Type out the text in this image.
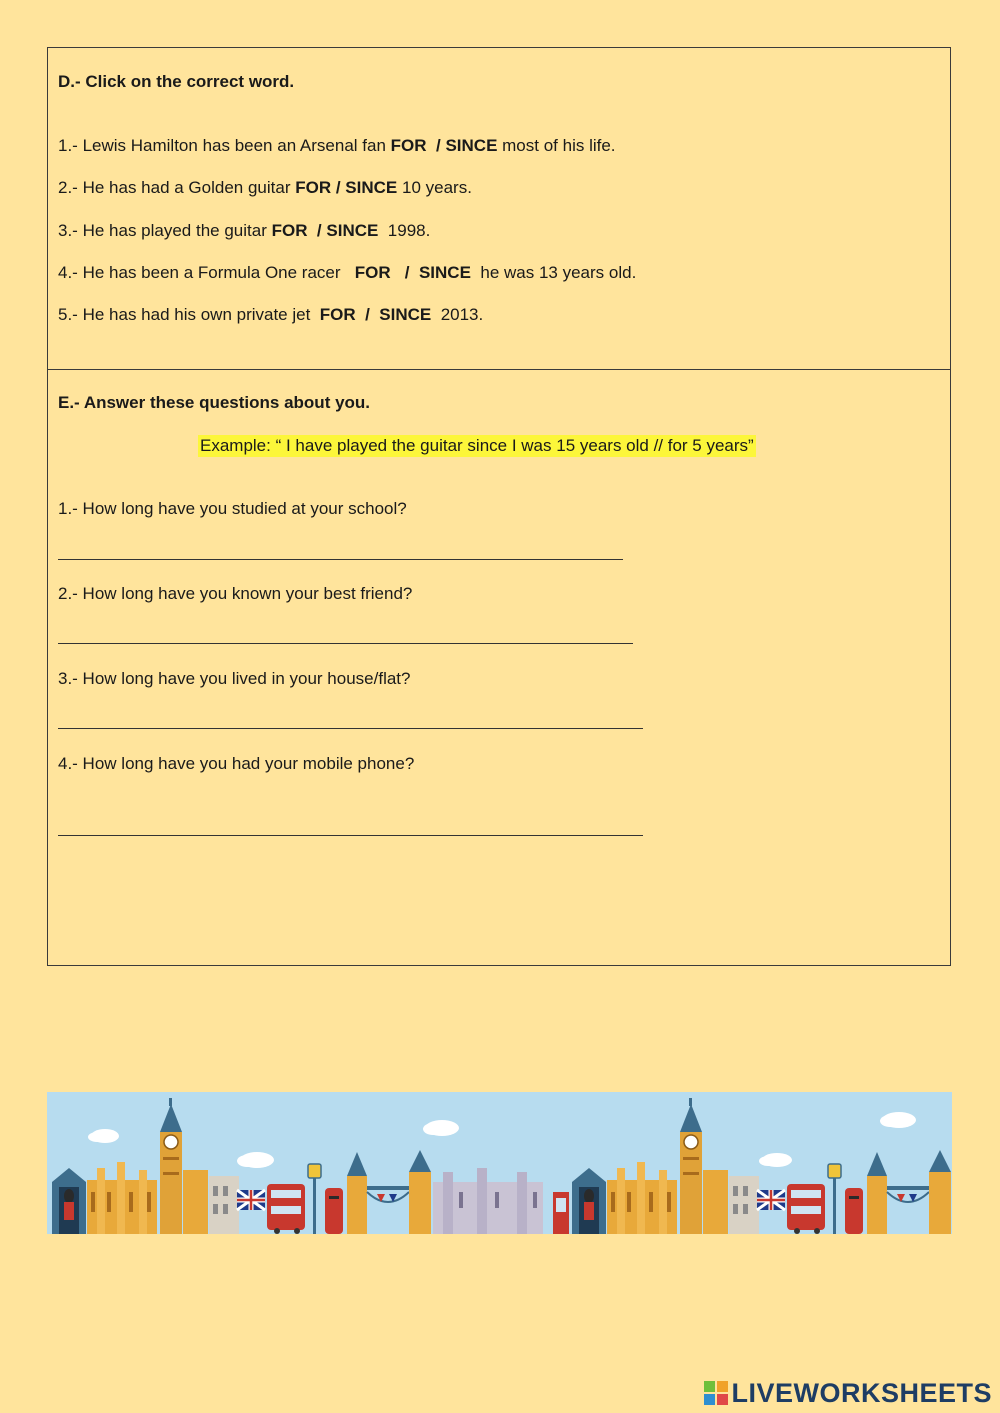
D.- Click on the correct word.
1.- Lewis Hamilton has been an Arsenal fan FOR  / SINCE most of his life.
2.- He has had a Golden guitar FOR / SINCE 10 years.
3.- He has played the guitar FOR  / SINCE  1998.
4.- He has been a Formula One racer   FOR   /  SINCE  he was 13 years old.
5.- He has had his own private jet  FOR  /  SINCE  2013.
E.- Answer these questions about you.
Example: “ I have played the guitar since I was 15 years old // for 5 years”
1.- How long have you studied at your school?
2.- How long have you known your best friend?
3.- How long have you lived in your house/flat?
4.- How long have you had your mobile phone?
LIVEWORKSHEETS
